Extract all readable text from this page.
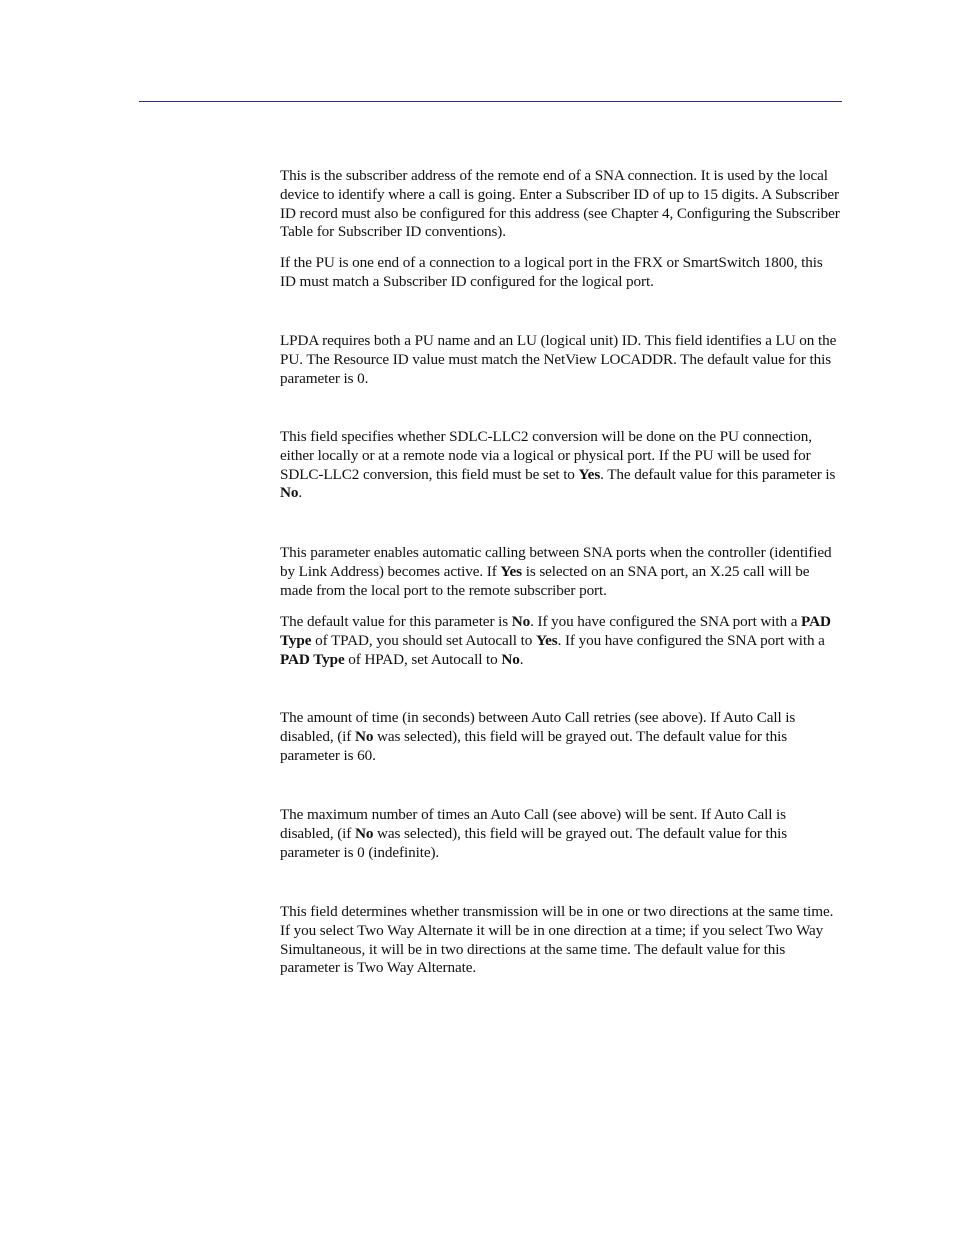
This is the subscriber address of the remote end of a SNA connection. It is used by the local device to identify where a call is going. Enter a Subscriber ID of up to 15 digits. A Subscriber ID record must also be configured for this address (see Chapter 4, Configuring the Subscriber Table for Subscriber ID conventions).

If the PU is one end of a connection to a logical port in the FRX or SmartSwitch 1800, this ID must match a Subscriber ID configured for the logical port.

LPDA requires both a PU name and an LU (logical unit) ID. This field identifies a LU on the PU. The Resource ID value must match the NetView LOCADDR. The default value for this parameter is 0.

This field specifies whether SDLC-LLC2 conversion will be done on the PU connection, either locally or at a remote node via a logical or physical port. If the PU will be used for SDLC-LLC2 conversion, this field must be set to Yes. The default value for this parameter is No.

This parameter enables automatic calling between SNA ports when the controller (identified by Link Address) becomes active. If Yes is selected on an SNA port, an X.25 call will be made from the local port to the remote subscriber port.

The default value for this parameter is No. If you have configured the SNA port with a PAD Type of TPAD, you should set Autocall to Yes. If you have configured the SNA port with a PAD Type of HPAD, set Autocall to No.

The amount of time (in seconds) between Auto Call retries (see above). If Auto Call is disabled, (if No was selected), this field will be grayed out. The default value for this parameter is 60.

The maximum number of times an Auto Call (see above) will be sent. If Auto Call is disabled, (if No was selected), this field will be grayed out. The default value for this parameter is 0 (indefinite).

This field determines whether transmission will be in one or two directions at the same time. If you select Two Way Alternate it will be in one direction at a time; if you select Two Way Simultaneous, it will be in two directions at the same time. The default value for this parameter is Two Way Alternate.
